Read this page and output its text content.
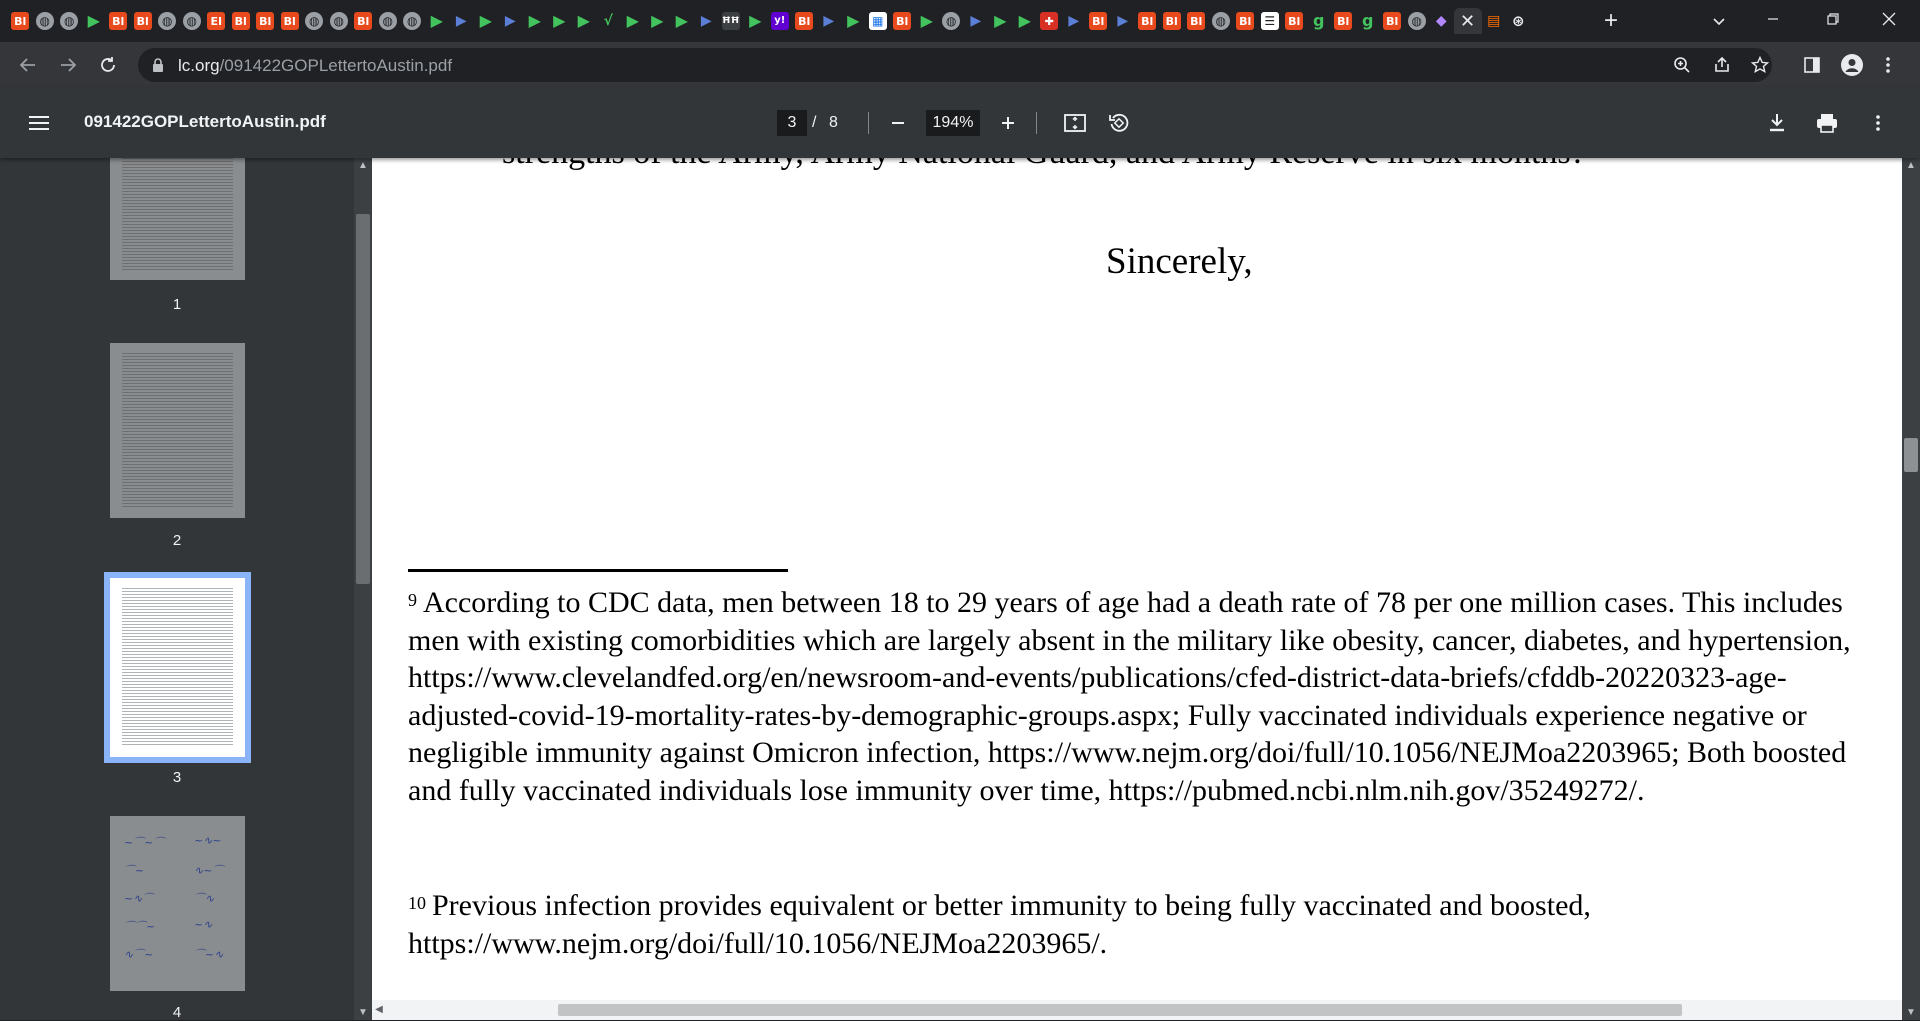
Bl	◍	◍ ▶ Bl Bl	◍	◍	EI Bl Bl Bl	◍	◍	Bl	◍	◍ ▶ ▶ ▶ ▶ ▶ ▶ ▶ √ ▶ ▶ ▶ ▶	ĦĦ ▶	y!	Bl ▶ ▶ ▦	Bl ▶	◍ ▶ ▶ ▶	✚	▶	Bl ▶	Bl Bl Bl	◍	Bl	☰	Bl g Bl g Bl	◍ ◆ ✕ ▤ ⊛	+
lc.org/091422GOPLettertoAustin.pdf
091422GOPLettertoAustin.pdf
3	/ 8
194%
1
2
3
~⌒~⌒	~∿~
⌒~	∿~⌒
~∿⌒	⌒∿
⌒⌒~	~∿
∿⌒~	⌒~∿
4
▲
▼
Sincerely,
$^9$ According to CDC data, men between 18 to 29 years of age had a death rate of 78 per one million cases. This includes men with existing comorbidities which are largely absent in the military like obesity, cancer, diabetes, and hypertension, https://www.clevelandfed.org/en/newsroom-and-events/publications/cfed-district-data-briefs/cfddb-20220323-age-adjusted-covid-19-mortality-rates-by-demographic-groups.aspx; Fully vaccinated individuals experience negative or negligible immunity against Omicron infection, https://www.nejm.org/doi/full/10.1056/NEJMoa2203965; Both boosted and fully vaccinated individuals lose immunity over time, https://pubmed.ncbi.nlm.nih.gov/35249272/.
$^{10}$ Previous infection provides equivalent or better immunity to being fully vaccinated and boosted, https://www.nejm.org/doi/full/10.1056/NEJMoa2203965/.
◀
▲
▼
